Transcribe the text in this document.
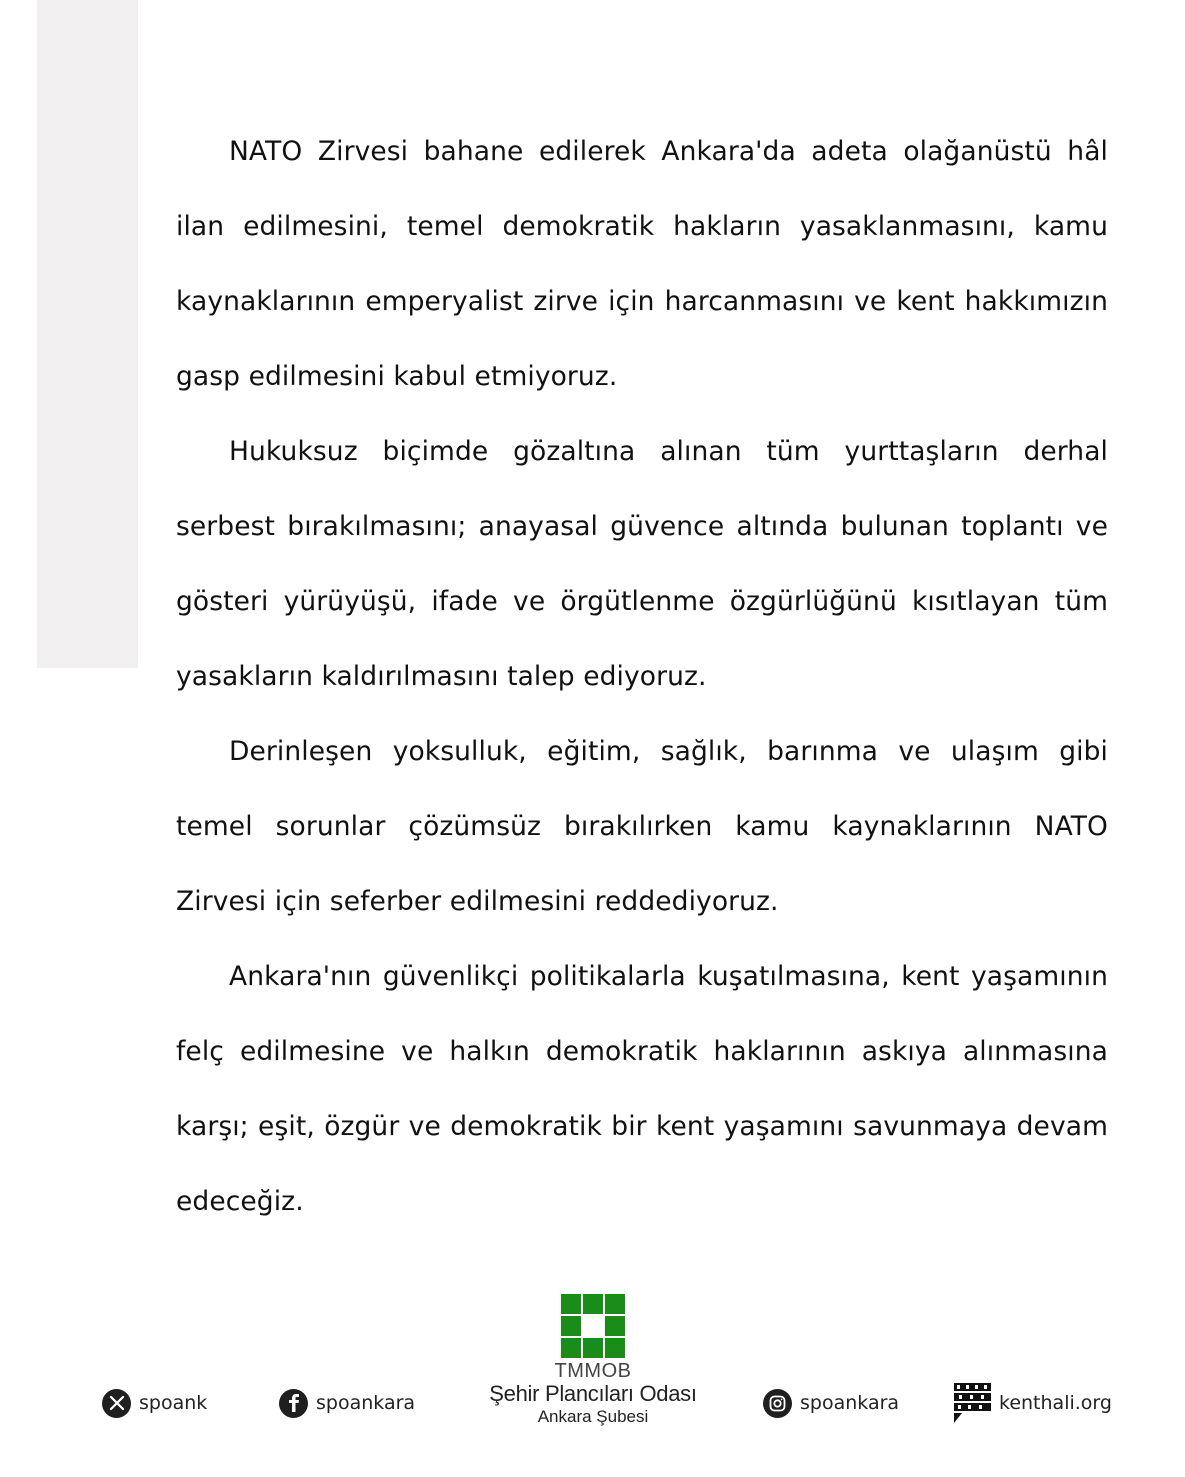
NATO Zirvesi bahane edilerek Ankara'da adeta olağanüstü hâl ilan edilmesini, temel demokratik hakların yasaklanmasını, kamu kaynaklarının emperyalist zirve için harcanmasını ve kent hakkımızın gasp edilmesini kabul etmiyoruz.

Hukuksuz biçimde gözaltına alınan tüm yurttaşların derhal serbest bırakılmasını; anayasal güvence altında bulunan toplantı ve gösteri yürüyüşü, ifade ve örgütlenme özgürlüğünü kısıtlayan tüm yasakların kaldırılmasını talep ediyoruz.

Derinleşen yoksulluk, eğitim, sağlık, barınma ve ulaşım gibi temel sorunlar çözümsüz bırakılırken kamu kaynaklarının NATO Zirvesi için seferber edilmesini reddediyoruz.

Ankara'nın güvenlikçi politikalarla kuşatılmasına, kent yaşamının felç edilmesine ve halkın demokratik haklarının askıya alınmasına karşı; eşit, özgür ve demokratik bir kent yaşamını savunmaya devam edeceğiz.

spoank	spoankara
TMMOB
Şehir Plancıları Odası
Ankara Şubesi
spoankara	kenthali.org
